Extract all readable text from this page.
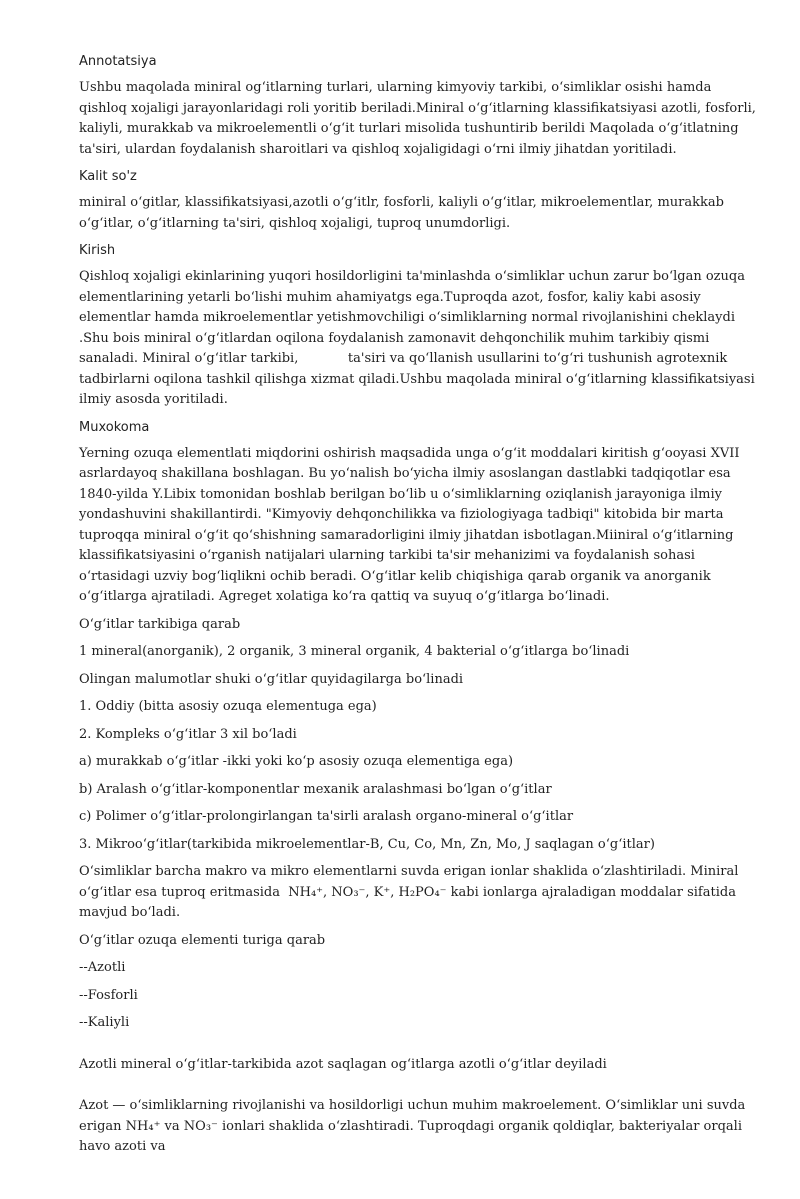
Annotatsiya
Ushbu maqolada miniral ogʻitlarning turlari, ularning kimyoviy tarkibi, oʻsimliklar osishi hamda qishloq xojaligi jarayonlaridagi roli yoritib beriladi.Miniral oʻgʻitlarning klassifikatsiyasi azotli, fosforli, kaliyli, murakkab va mikroelementli oʻgʻit turlari misolida tushuntirib berildi Maqolada oʻgʻitlatning ta'siri, ulardan foydalanish sharoitlari va qishloq xojaligidagi oʻrni ilmiy jihatdan yoritiladi.
Kalit so'z
miniral oʻgitlar, klassifikatsiyasi,azotli oʻgʻitlr, fosforli, kaliyli oʻgʻitlar, mikroelementlar, murakkab oʻgʻitlar, oʻgʻitlarning ta'siri, qishloq xojaligi, tuproq unumdorligi.
Kirish
Qishloq xojaligi ekinlarining yuqori hosildorligini ta'minlashda oʻsimliklar uchun zarur boʻlgan ozuqa elementlarining yetarli boʻlishi muhim ahamiyatgs ega.Tuproqda azot, fosfor, kaliy kabi asosiy elementlar hamda mikroelementlar yetishmovchiligi oʻsimliklarning normal rivojlanishini cheklaydi .Shu bois miniral oʻgʻitlardan oqilona foydalanish zamonavit dehqonchilik muhim tarkibiy qismi sanaladi. Miniral oʻgʻitlar tarkibi,            ta'siri va qoʻllanish usullarini toʻgʻri tushunish agrotexnik tadbirlarni oqilona tashkil qilishga xizmat qiladi.Ushbu maqolada miniral oʻgʻitlarning klassifikatsiyasi ilmiy asosda yoritiladi.
Muxokoma
Yerning ozuqa elementlati miqdorini oshirish maqsadida unga oʻgʻit moddalari kiritish gʻooyasi XVII asrlardayoq shakillana boshlagan. Bu yoʻnalish boʻyicha ilmiy asoslangan dastlabki tadqiqotlar esa 1840-yilda Y.Libix tomonidan boshlab berilgan boʻlib u oʻsimliklarning oziqlanish jarayoniga ilmiy yondashuvini shakillantirdi. "Kimyoviy dehqonchilikka va fiziologiyaga tadbiqi" kitobida bir marta tuproqqa miniral oʻgʻit qoʻshishning samaradorligini ilmiy jihatdan isbotlagan.Miiniral oʻgʻitlarning klassifikatsiyasini oʻrganish natijalari ularning tarkibi ta'sir mehanizimi va foydalanish sohasi oʻrtasidagi uzviy bogʻliqlikni ochib beradi. Oʻgʻitlar kelib chiqishiga qarab organik va anorganik oʻgʻitlarga ajratiladi. Agreget xolatiga koʻra qattiq va suyuq oʻgʻitlarga boʻlinadi.
Oʻgʻitlar tarkibiga qarab
1 mineral(anorganik), 2 organik, 3 mineral organik, 4 bakterial oʻgʻitlarga boʻlinadi
Olingan malumotlar shuki oʻgʻitlar quyidagilarga boʻlinadi
1. Oddiy (bitta asosiy ozuqa elementuga ega)
2. Kompleks oʻgʻitlar 3 xil boʻladi
a) murakkab oʻgʻitlar -ikki yoki koʻp asosiy ozuqa elementiga ega)
b) Aralash oʻgʻitlar-komponentlar mexanik aralashmasi boʻlgan oʻgʻitlar
c) Polimer oʻgʻitlar-prolongirlangan ta'sirli aralash organo-mineral oʻgʻitlar
3. Mikrooʻgʻitlar(tarkibida mikroelementlar-B, Cu, Co, Mn, Zn, Mo, J saqlagan oʻgʻitlar)
Oʻsimliklar barcha makro va mikro elementlarni suvda erigan ionlar shaklida oʻzlashtiriladi. Miniral oʻgʻitlar esa tuproq eritmasida  NH₄⁺, NO₃⁻, K⁺, H₂PO₄⁻ kabi ionlarga ajraladigan moddalar sifatida mavjud boʻladi.
Oʻgʻitlar ozuqa elementi turiga qarab
--Azotli
--Fosforli
--Kaliyli
Azotli mineral oʻgʻitlar-tarkibida azot saqlagan ogʻitlarga azotli oʻgʻitlar deyiladi
Azot — oʻsimliklarning rivojlanishi va hosildorligi uchun muhim makroelement. Oʻsimliklar uni suvda erigan NH₄⁺ va NO₃⁻ ionlari shaklida oʻzlashtiradi. Tuproqdagi organik qoldiqlar, bakteriyalar orqali havo azoti va
